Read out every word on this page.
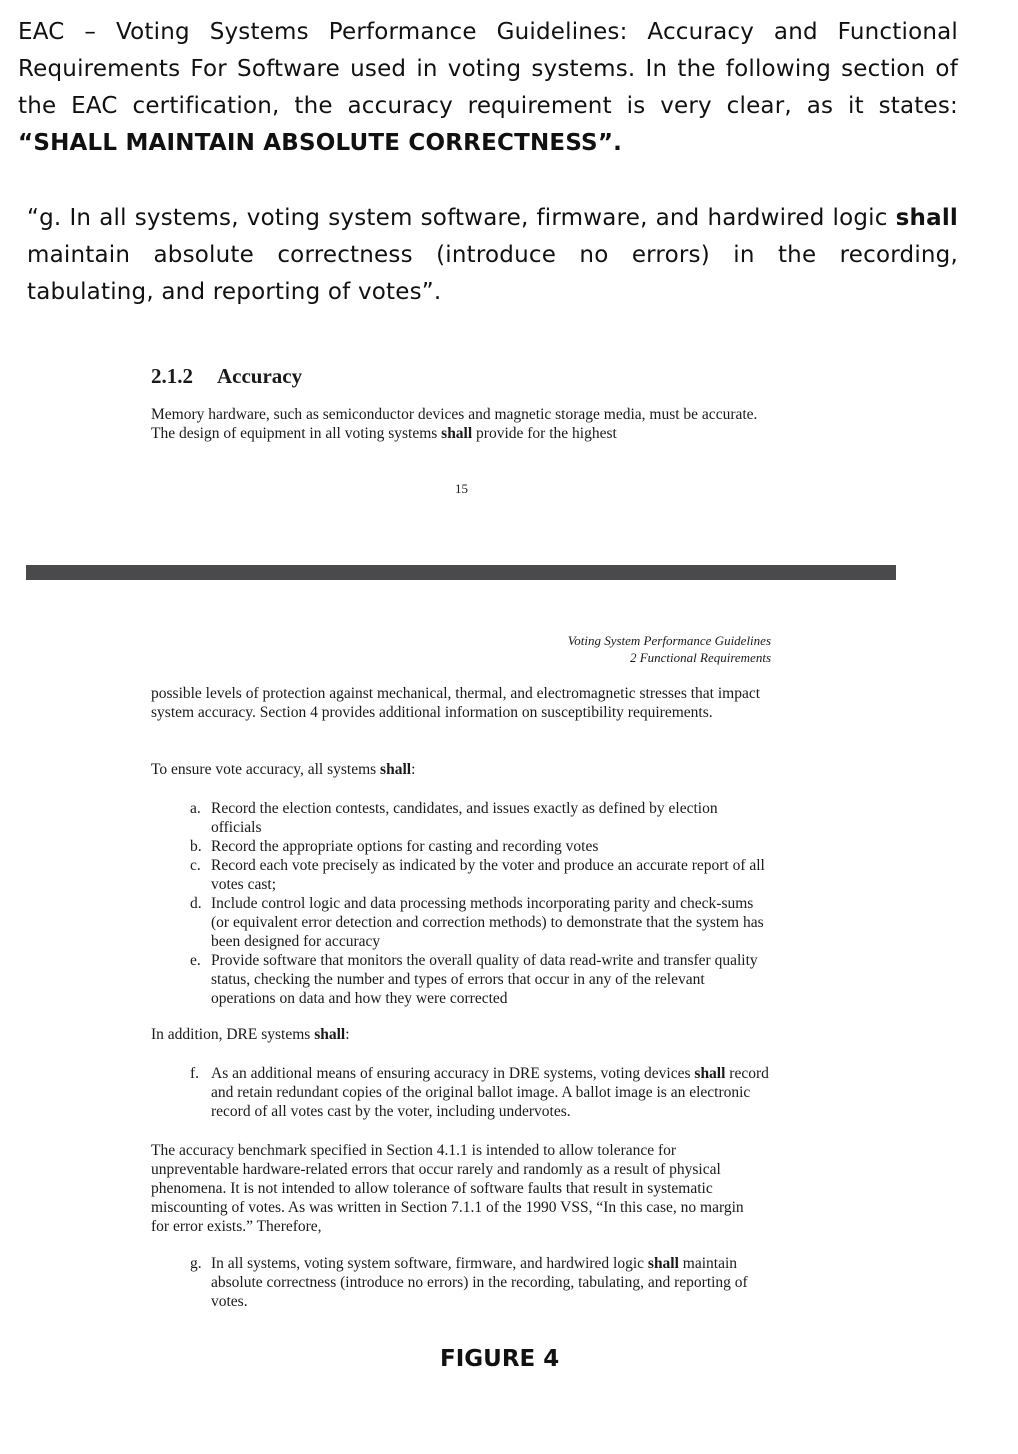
EAC – Voting Systems Performance Guidelines: Accuracy and Functional Requirements For Software used in voting systems. In the following section of the EAC certification, the accuracy requirement is very clear, as it states: “SHALL MAINTAIN ABSOLUTE CORRECTNESS”.
“g. In all systems, voting system software, firmware, and hardwired logic shall maintain absolute correctness (introduce no errors) in the recording, tabulating, and reporting of votes”.
2.1.2 Accuracy
Memory hardware, such as semiconductor devices and magnetic storage media, must be accurate. The design of equipment in all voting systems shall provide for the highest
15
Voting System Performance Guidelines
2 Functional Requirements
possible levels of protection against mechanical, thermal, and electromagnetic stresses that impact system accuracy. Section 4 provides additional information on susceptibility requirements.
To ensure vote accuracy, all systems shall:
a. Record the election contests, candidates, and issues exactly as defined by election officials
b. Record the appropriate options for casting and recording votes
c. Record each vote precisely as indicated by the voter and produce an accurate report of all votes cast;
d. Include control logic and data processing methods incorporating parity and check-sums (or equivalent error detection and correction methods) to demonstrate that the system has been designed for accuracy
e. Provide software that monitors the overall quality of data read-write and transfer quality status, checking the number and types of errors that occur in any of the relevant operations on data and how they were corrected
In addition, DRE systems shall:
f. As an additional means of ensuring accuracy in DRE systems, voting devices shall record and retain redundant copies of the original ballot image. A ballot image is an electronic record of all votes cast by the voter, including undervotes.
The accuracy benchmark specified in Section 4.1.1 is intended to allow tolerance for unpreventable hardware-related errors that occur rarely and randomly as a result of physical phenomena. It is not intended to allow tolerance of software faults that result in systematic miscounting of votes. As was written in Section 7.1.1 of the 1990 VSS, “In this case, no margin for error exists.” Therefore,
g. In all systems, voting system software, firmware, and hardwired logic shall maintain absolute correctness (introduce no errors) in the recording, tabulating, and reporting of votes.
FIGURE 4
